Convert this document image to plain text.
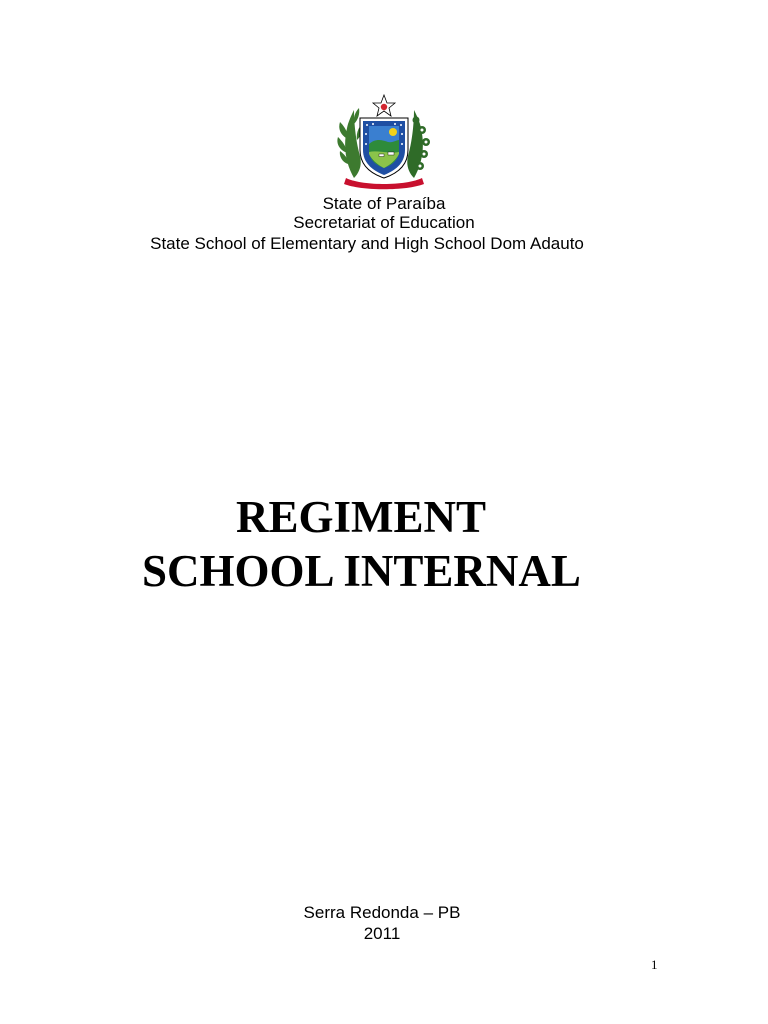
State of Paraíba
Secretariat of Education
State School of Elementary and High School Dom Adauto
REGIMENT
SCHOOL INTERNAL
Serra Redonda – PB
2011
1
